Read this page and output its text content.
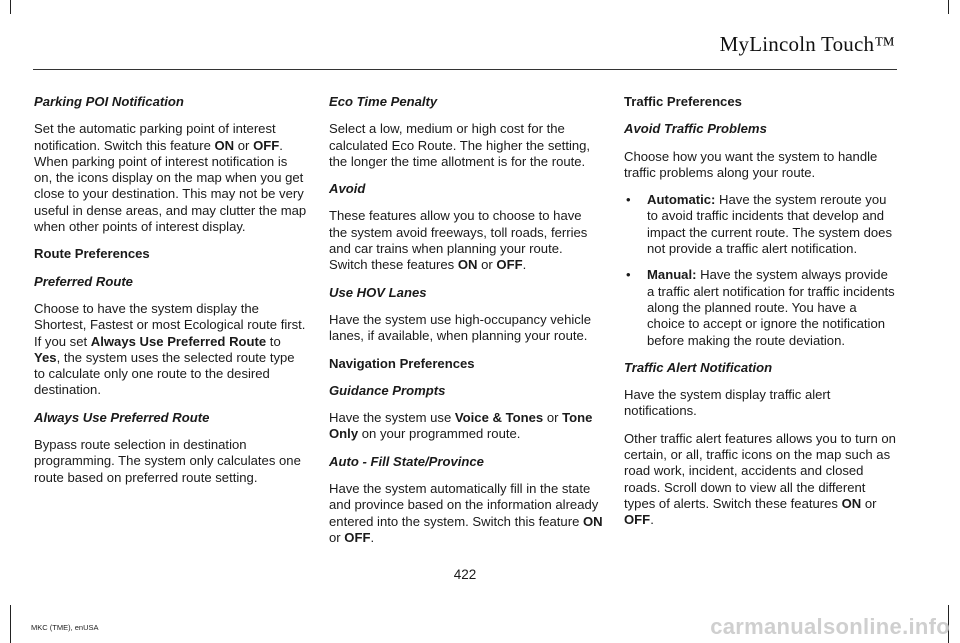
MyLincoln Touch™
Parking POI Notification

Set the automatic parking point of interest notification. Switch this feature ON or OFF. When parking point of interest notification is on, the icons display on the map when you get close to your destination. This may not be very useful in dense areas, and may clutter the map when other points of interest display.

Route Preferences
Preferred Route

Choose to have the system display the Shortest, Fastest or most Ecological route first. If you set Always Use Preferred Route to Yes, the system uses the selected route type to calculate only one route to the desired destination.

Always Use Preferred Route

Bypass route selection in destination programming. The system only calculates one route based on preferred route setting.

Eco Time Penalty

Select a low, medium or high cost for the calculated Eco Route. The higher the setting, the longer the time allotment is for the route.

Avoid

These features allow you to choose to have the system avoid freeways, toll roads, ferries and car trains when planning your route. Switch these features ON or OFF.

Use HOV Lanes

Have the system use high-occupancy vehicle lanes, if available, when planning your route.

Navigation Preferences
Guidance Prompts

Have the system use Voice & Tones or Tone Only on your programmed route.

Auto - Fill State/Province

Have the system automatically fill in the state and province based on the information already entered into the system. Switch this feature ON or OFF.

Traffic Preferences
Avoid Traffic Problems

Choose how you want the system to handle traffic problems along your route.

• Automatic: Have the system reroute you to avoid traffic incidents that develop and impact the current route. The system does not provide a traffic alert notification.
• Manual: Have the system always provide a traffic alert notification for traffic incidents along the planned route. You have a choice to accept or ignore the notification before making the route deviation.
Traffic Alert Notification

Have the system display traffic alert notifications.

Other traffic alert features allows you to turn on certain, or all, traffic icons on the map such as road work, incident, accidents and closed roads. Scroll down to view all the different types of alerts. Switch these features ON or OFF.

422
MKC (TME), enUSA	carmanualsonline.info
